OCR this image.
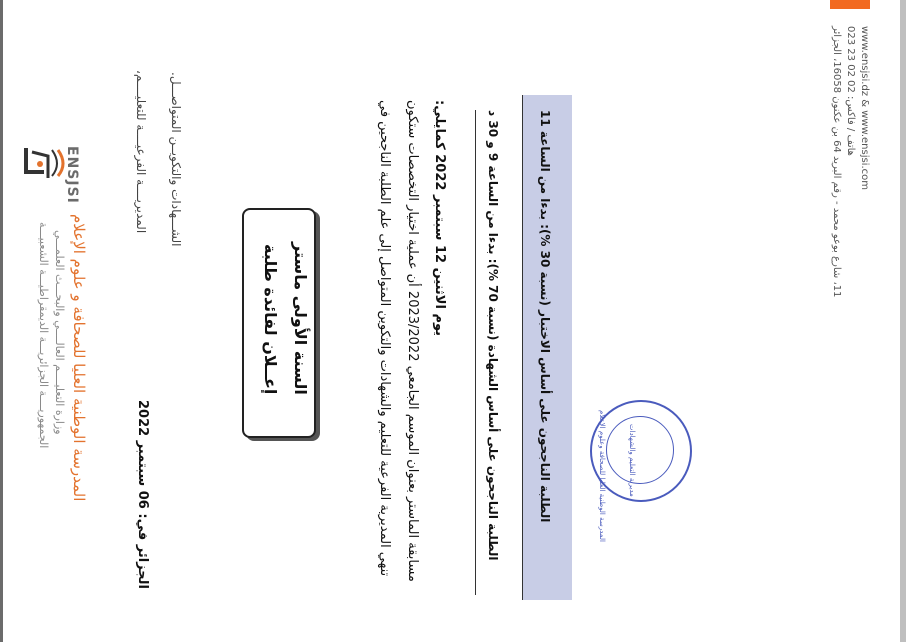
ENSJSI
الجمهوريــــة الجزائريـــة الديمقراطيـــة الشعبيـــة وزارة التعليــــم العالــــي والبحـــث العلمـــي المدرسة الوطنية العليا للصحافة و علوم الإعلام
المديريــــة الفرعيــــة للتعليــــم، الشـــهادات والتكويــن المتواصـــل.
الجزائر في: 06 سبتمبر 2022
إعــلان لفائدة طلبة السنة الأولى ماستر	تنهي المديرية الفرعية للتعليم والشهادات والتكوين المتواصل إلى علم الطلبة الناجحين في مسابقة الماستر بعنوان الموسم الجامعي 2023/2022 أن عملية اختيار التخصصات ستكون
يوم الاثنين 12 سبتمبر 2022 كمايلي:
الطلبة الناجحون على أساس الشهادة (نسبة 70 %): بدءا من الساعة 9 و 30 د
الطلبة الناجحون على أساس الاختبار (نسبة 30 %): بدءا من الساعة 11	المدرسة الوطنية العليا للصحافة وعلوم الإعلام	مديرية التعليم والشهادات
11، شارع بوعو محمد - رقم البريد 64 بن عكنون 16058، الجزائر
هاتف / فاكس: 02 02 23 023 www.ensjsi.dz & www.ensjsi.com
